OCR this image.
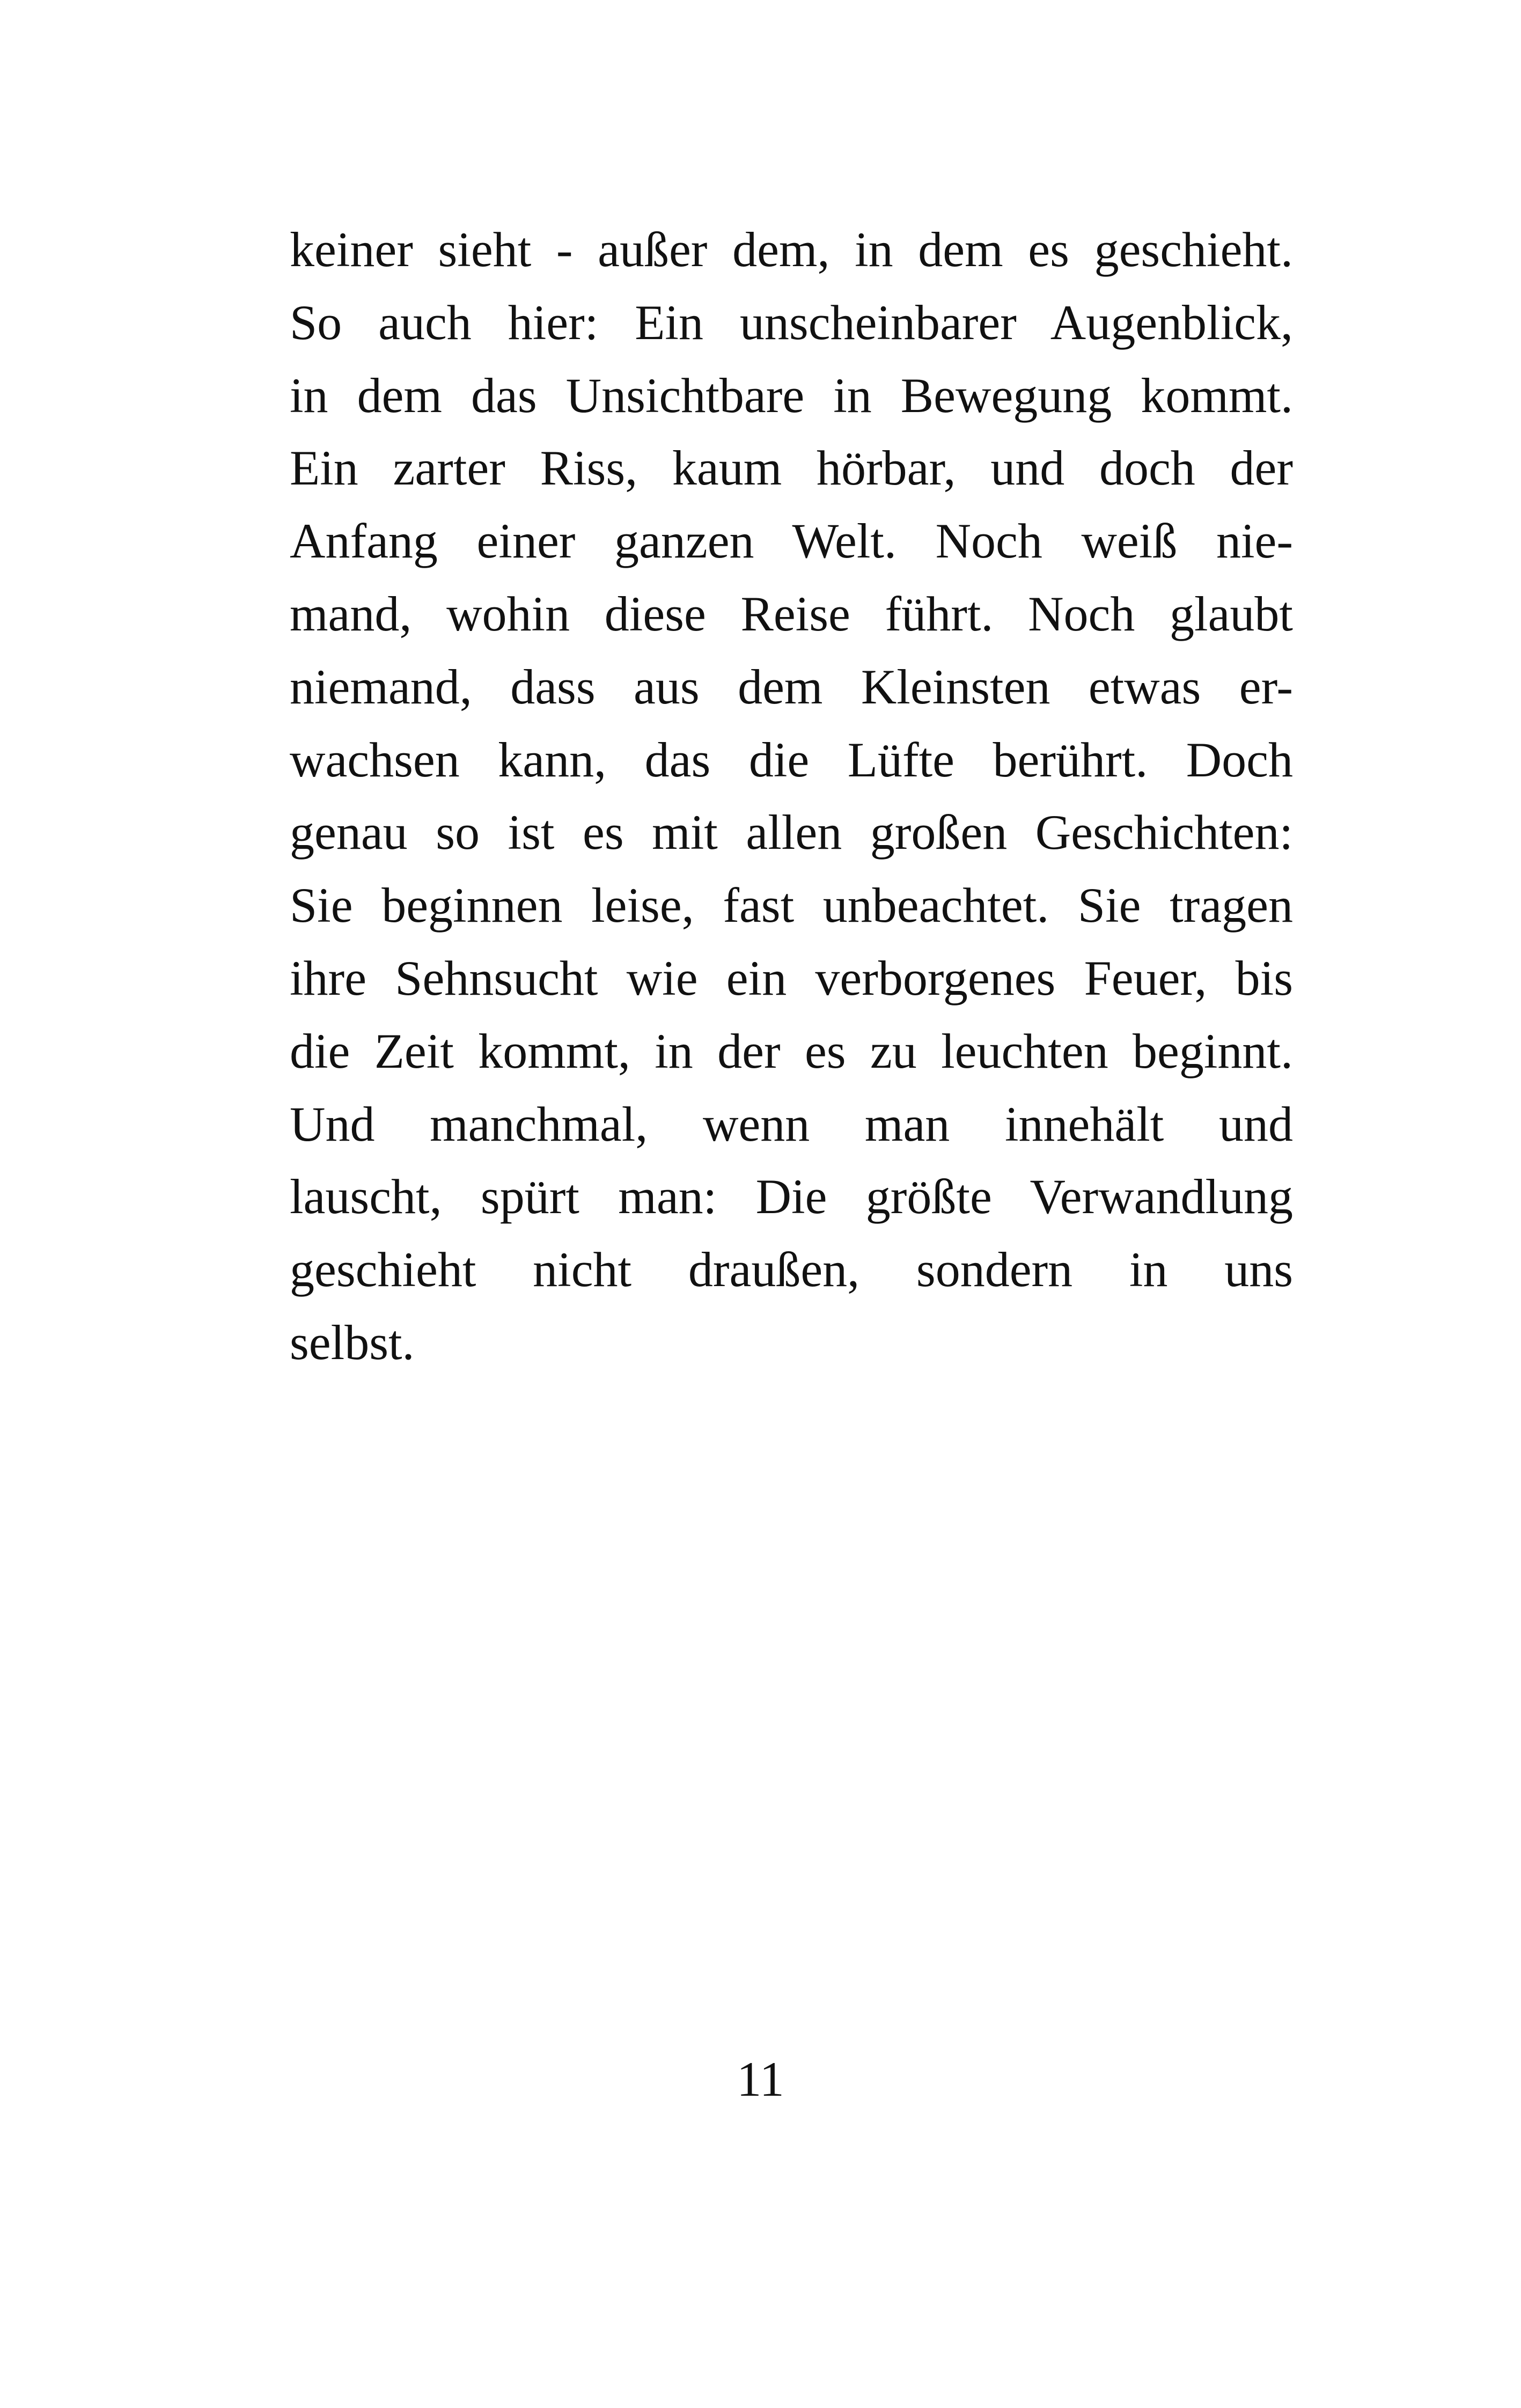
keiner sieht - außer dem, in dem es geschieht.
So auch hier: Ein unscheinbarer Augenblick,
in dem das Unsichtbare in Bewegung kommt.
Ein zarter Riss, kaum hörbar, und doch der
Anfang einer ganzen Welt. Noch weiß nie-
mand, wohin diese Reise führt. Noch glaubt
niemand, dass aus dem Kleinsten etwas er-
wachsen kann, das die Lüfte berührt. Doch
genau so ist es mit allen großen Geschichten:
Sie beginnen leise, fast unbeachtet. Sie tragen
ihre Sehnsucht wie ein verborgenes Feuer, bis
die Zeit kommt, in der es zu leuchten beginnt.
Und manchmal, wenn man innehält und
lauscht, spürt man: Die größte Verwandlung
geschieht nicht draußen, sondern in uns
selbst.
11
